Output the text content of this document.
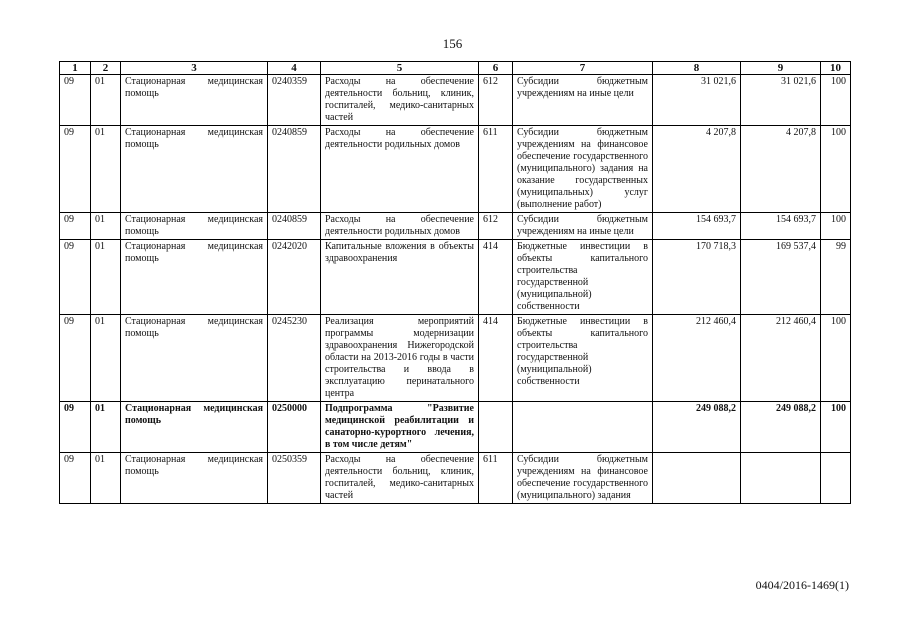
156
1	2	3	4	5	6	7	8	9	10
09	01	Стационарная медицинская помощь	0240359	Расходы на обеспечение деятельности больниц, клиник, госпиталей, медико-санитарных частей	612	Субсидии бюджетным учреждениям на иные цели	31 021,6	31 021,6	100
09	01	Стационарная медицинская помощь	0240859	Расходы на обеспечение деятельности родильных домов	611	Субсидии бюджетным учреждениям на финансовое обеспечение государственного (муниципального) задания на оказание государственных (муниципальных) услуг (выполнение работ)	4 207,8	4 207,8	100
09	01	Стационарная медицинская помощь	0240859	Расходы на обеспечение деятельности родильных домов	612	Субсидии бюджетным учреждениям на иные цели	154 693,7	154 693,7	100
09	01	Стационарная медицинская помощь	0242020	Капитальные вложения в объекты здравоохранения	414	Бюджетные инвестиции в объекты капитального строительства государственной (муниципальной) собственности	170 718,3	169 537,4	99
09	01	Стационарная медицинская помощь	0245230	Реализация мероприятий программы модернизации здравоохранения Нижегородской области на 2013-2016 годы в части строительства и ввода в эксплуатацию перинатального центра	414	Бюджетные инвестиции в объекты капитального строительства государственной (муниципальной) собственности	212 460,4	212 460,4	100
09	01	Стационарная медицинская помощь	0250000	Подпрограмма "Развитие медицинской реабилитации и санаторно-курортного лечения, в том числе детям"			249 088,2	249 088,2	100
09	01	Стационарная медицинская помощь	0250359	Расходы на обеспечение деятельности больниц, клиник, госпиталей, медико-санитарных частей	611	Субсидии бюджетным учреждениям на финансовое обеспечение государственного (муниципального) задания			
0404/2016-1469(1)
